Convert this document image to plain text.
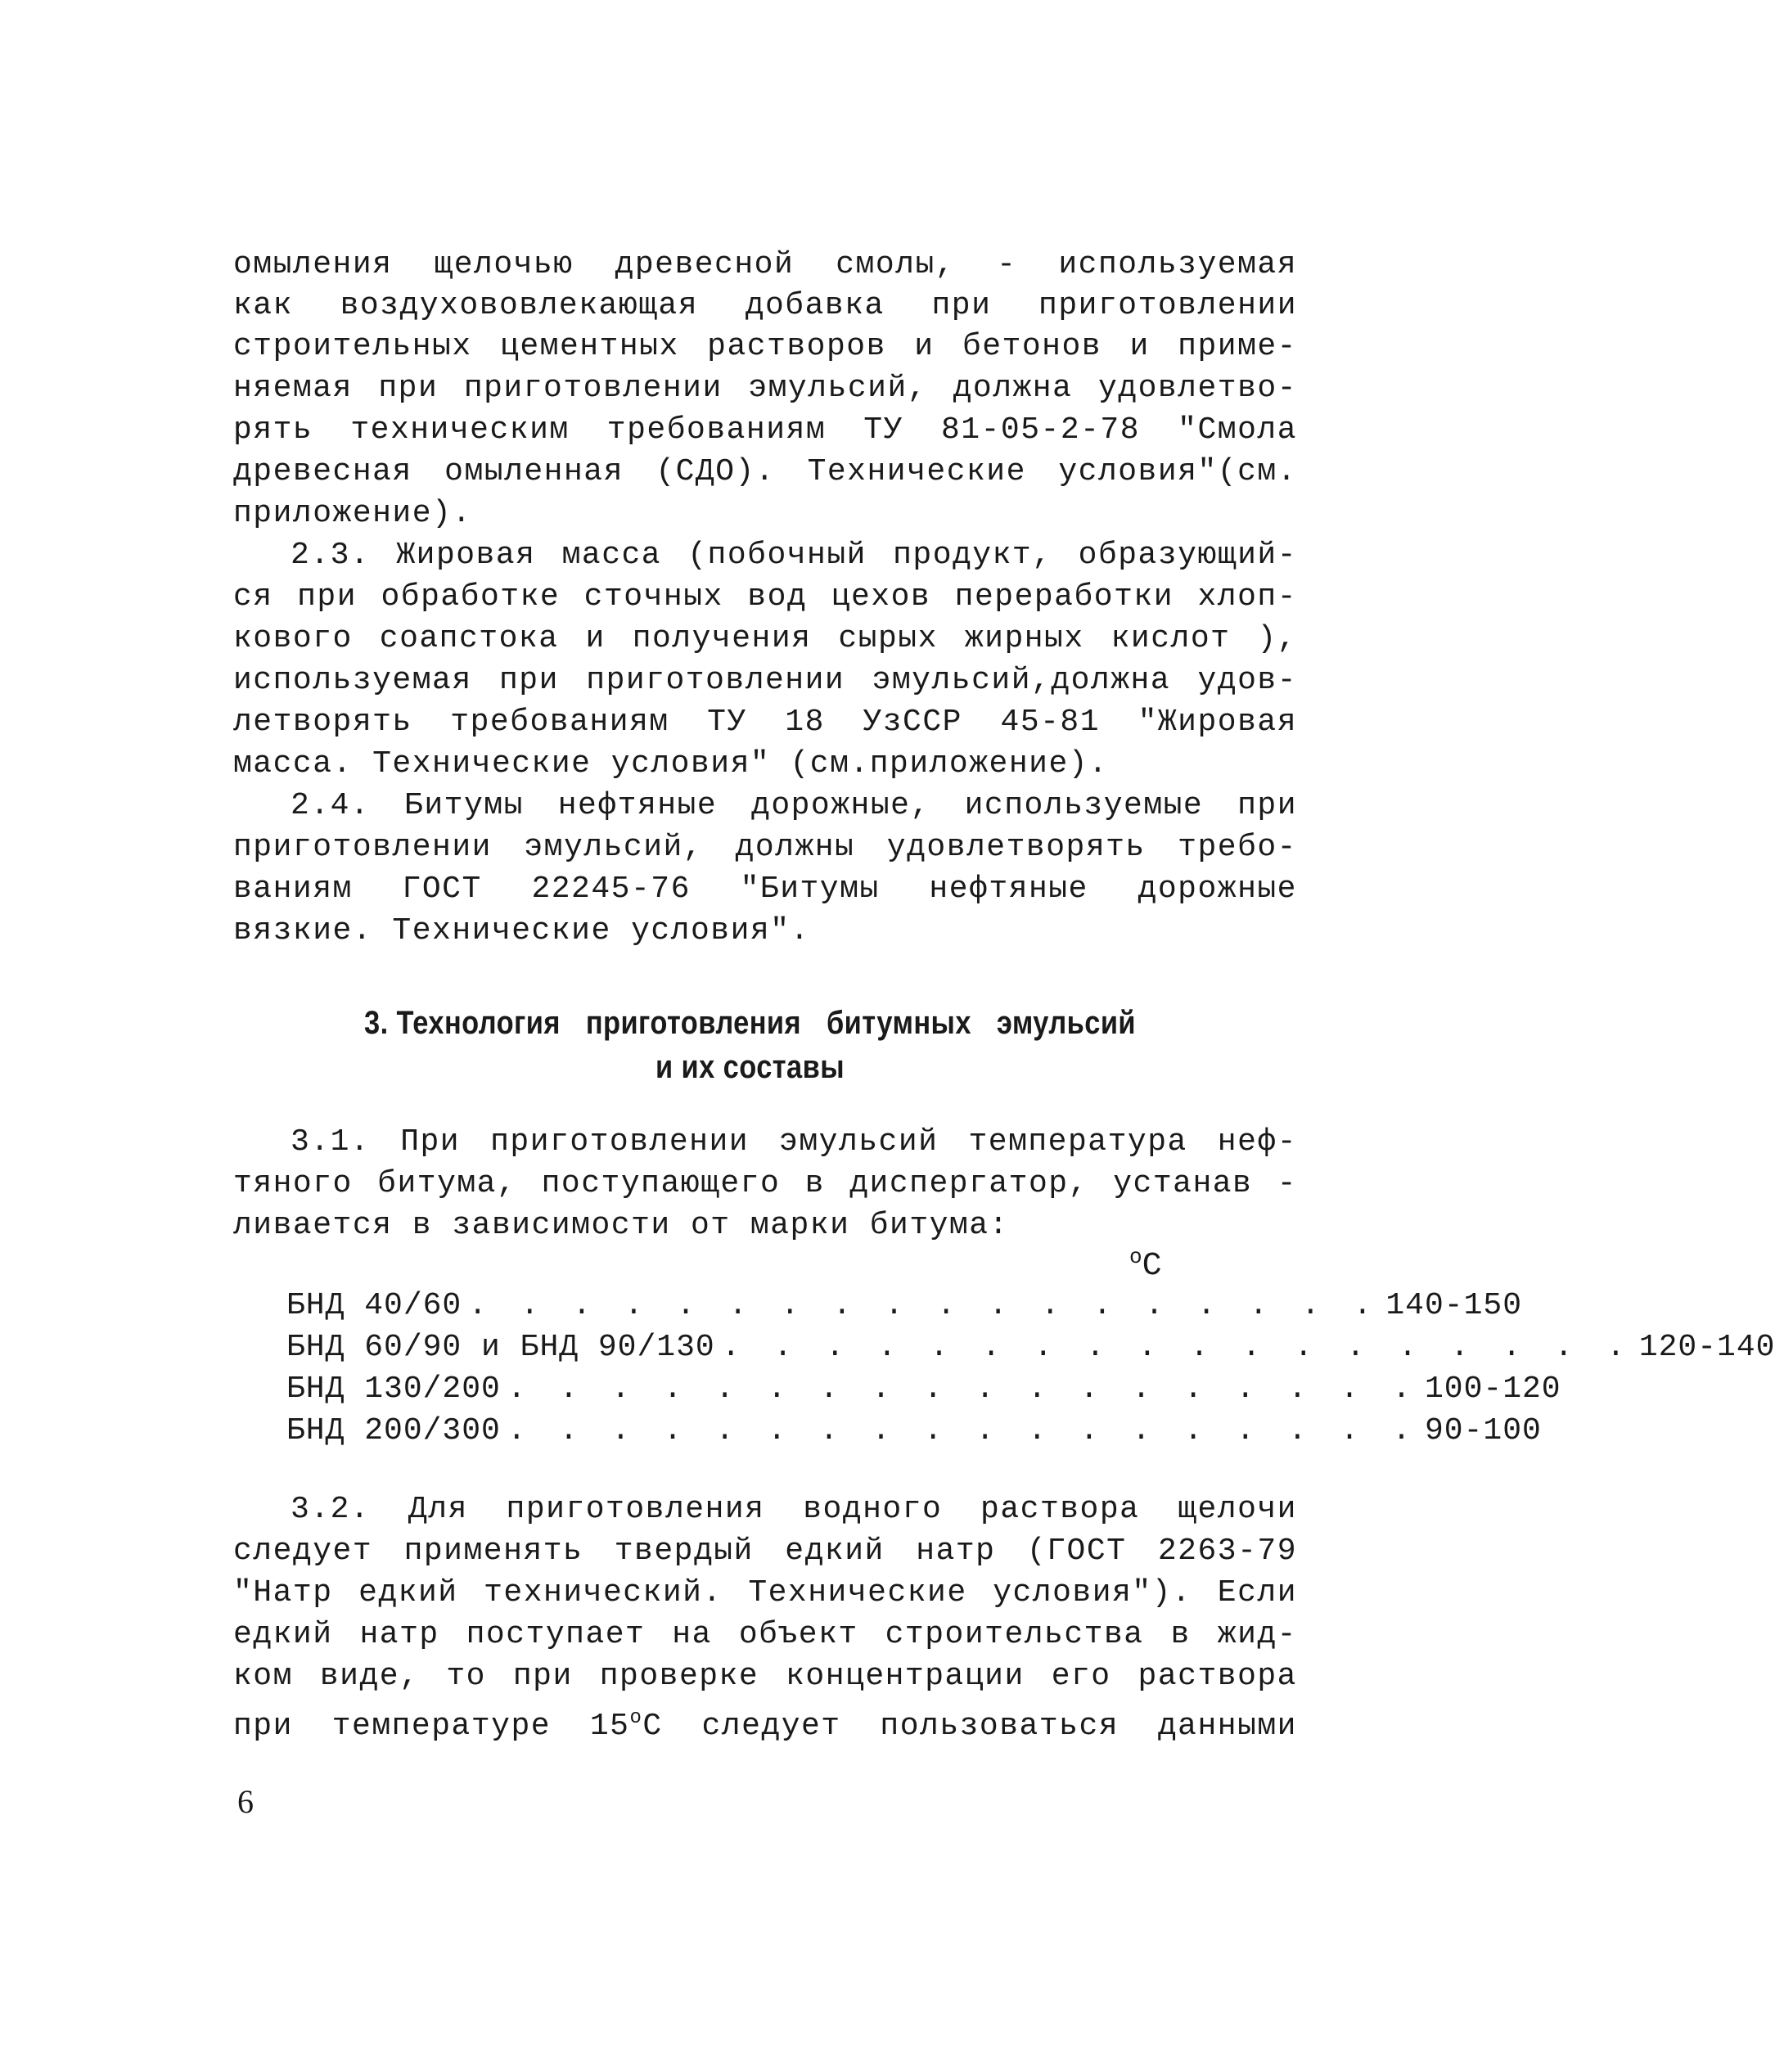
омыления щелочью древесной смолы, - используемая
как воздухововлекающая добавка при приготовлении
строительных цементных растворов и бетонов и приме-
няемая при приготовлении эмульсий, должна удовлетво-
рять техническим требованиям ТУ 81-05-2-78 "Смола
древесная омыленная (СДО). Технические условия"(см.
приложение).
2.3. Жировая масса (побочный продукт, образующий-
ся при обработке сточных вод цехов переработки хлоп-
кового соапстока и получения сырых жирных кислот ),
используемая при приготовлении эмульсий,должна удов-
летворять требованиям ТУ 18 УзССР 45-81 "Жировая
масса. Технические условия" (см.приложение).
2.4. Битумы нефтяные дорожные, используемые при
приготовлении эмульсий, должны удовлетворять требо-
ваниям ГОСТ 22245-76 "Битумы нефтяные дорожные
вязкие. Технические условия".
3. Технология приготовления битумных эмульсий
и их составы
3.1. При приготовлении эмульсий температура неф-
тяного битума, поступающего в диспергатор, устанав -
ливается в зависимости от марки битума:
$^o$C
БНД 40/60 . . . . . . . . . . . . . . . . . . 140-150
БНД 60/90 и БНД 90/130 . . . . . . . . . . . . . . . . . . 120-140
БНД 130/200 . . . . . . . . . . . . . . . . . . 100-120
БНД 200/300 . . . . . . . . . . . . . . . . . . 90-100
3.2. Для приготовления водного раствора щелочи
следует применять твердый едкий натр (ГОСТ 2263-79
"Натр едкий технический. Технические условия"). Если
едкий натр поступает на объект строительства в жид-
ком виде, то при проверке концентрации его раствора
при температуре 15$^o$C следует пользоваться данными
6
